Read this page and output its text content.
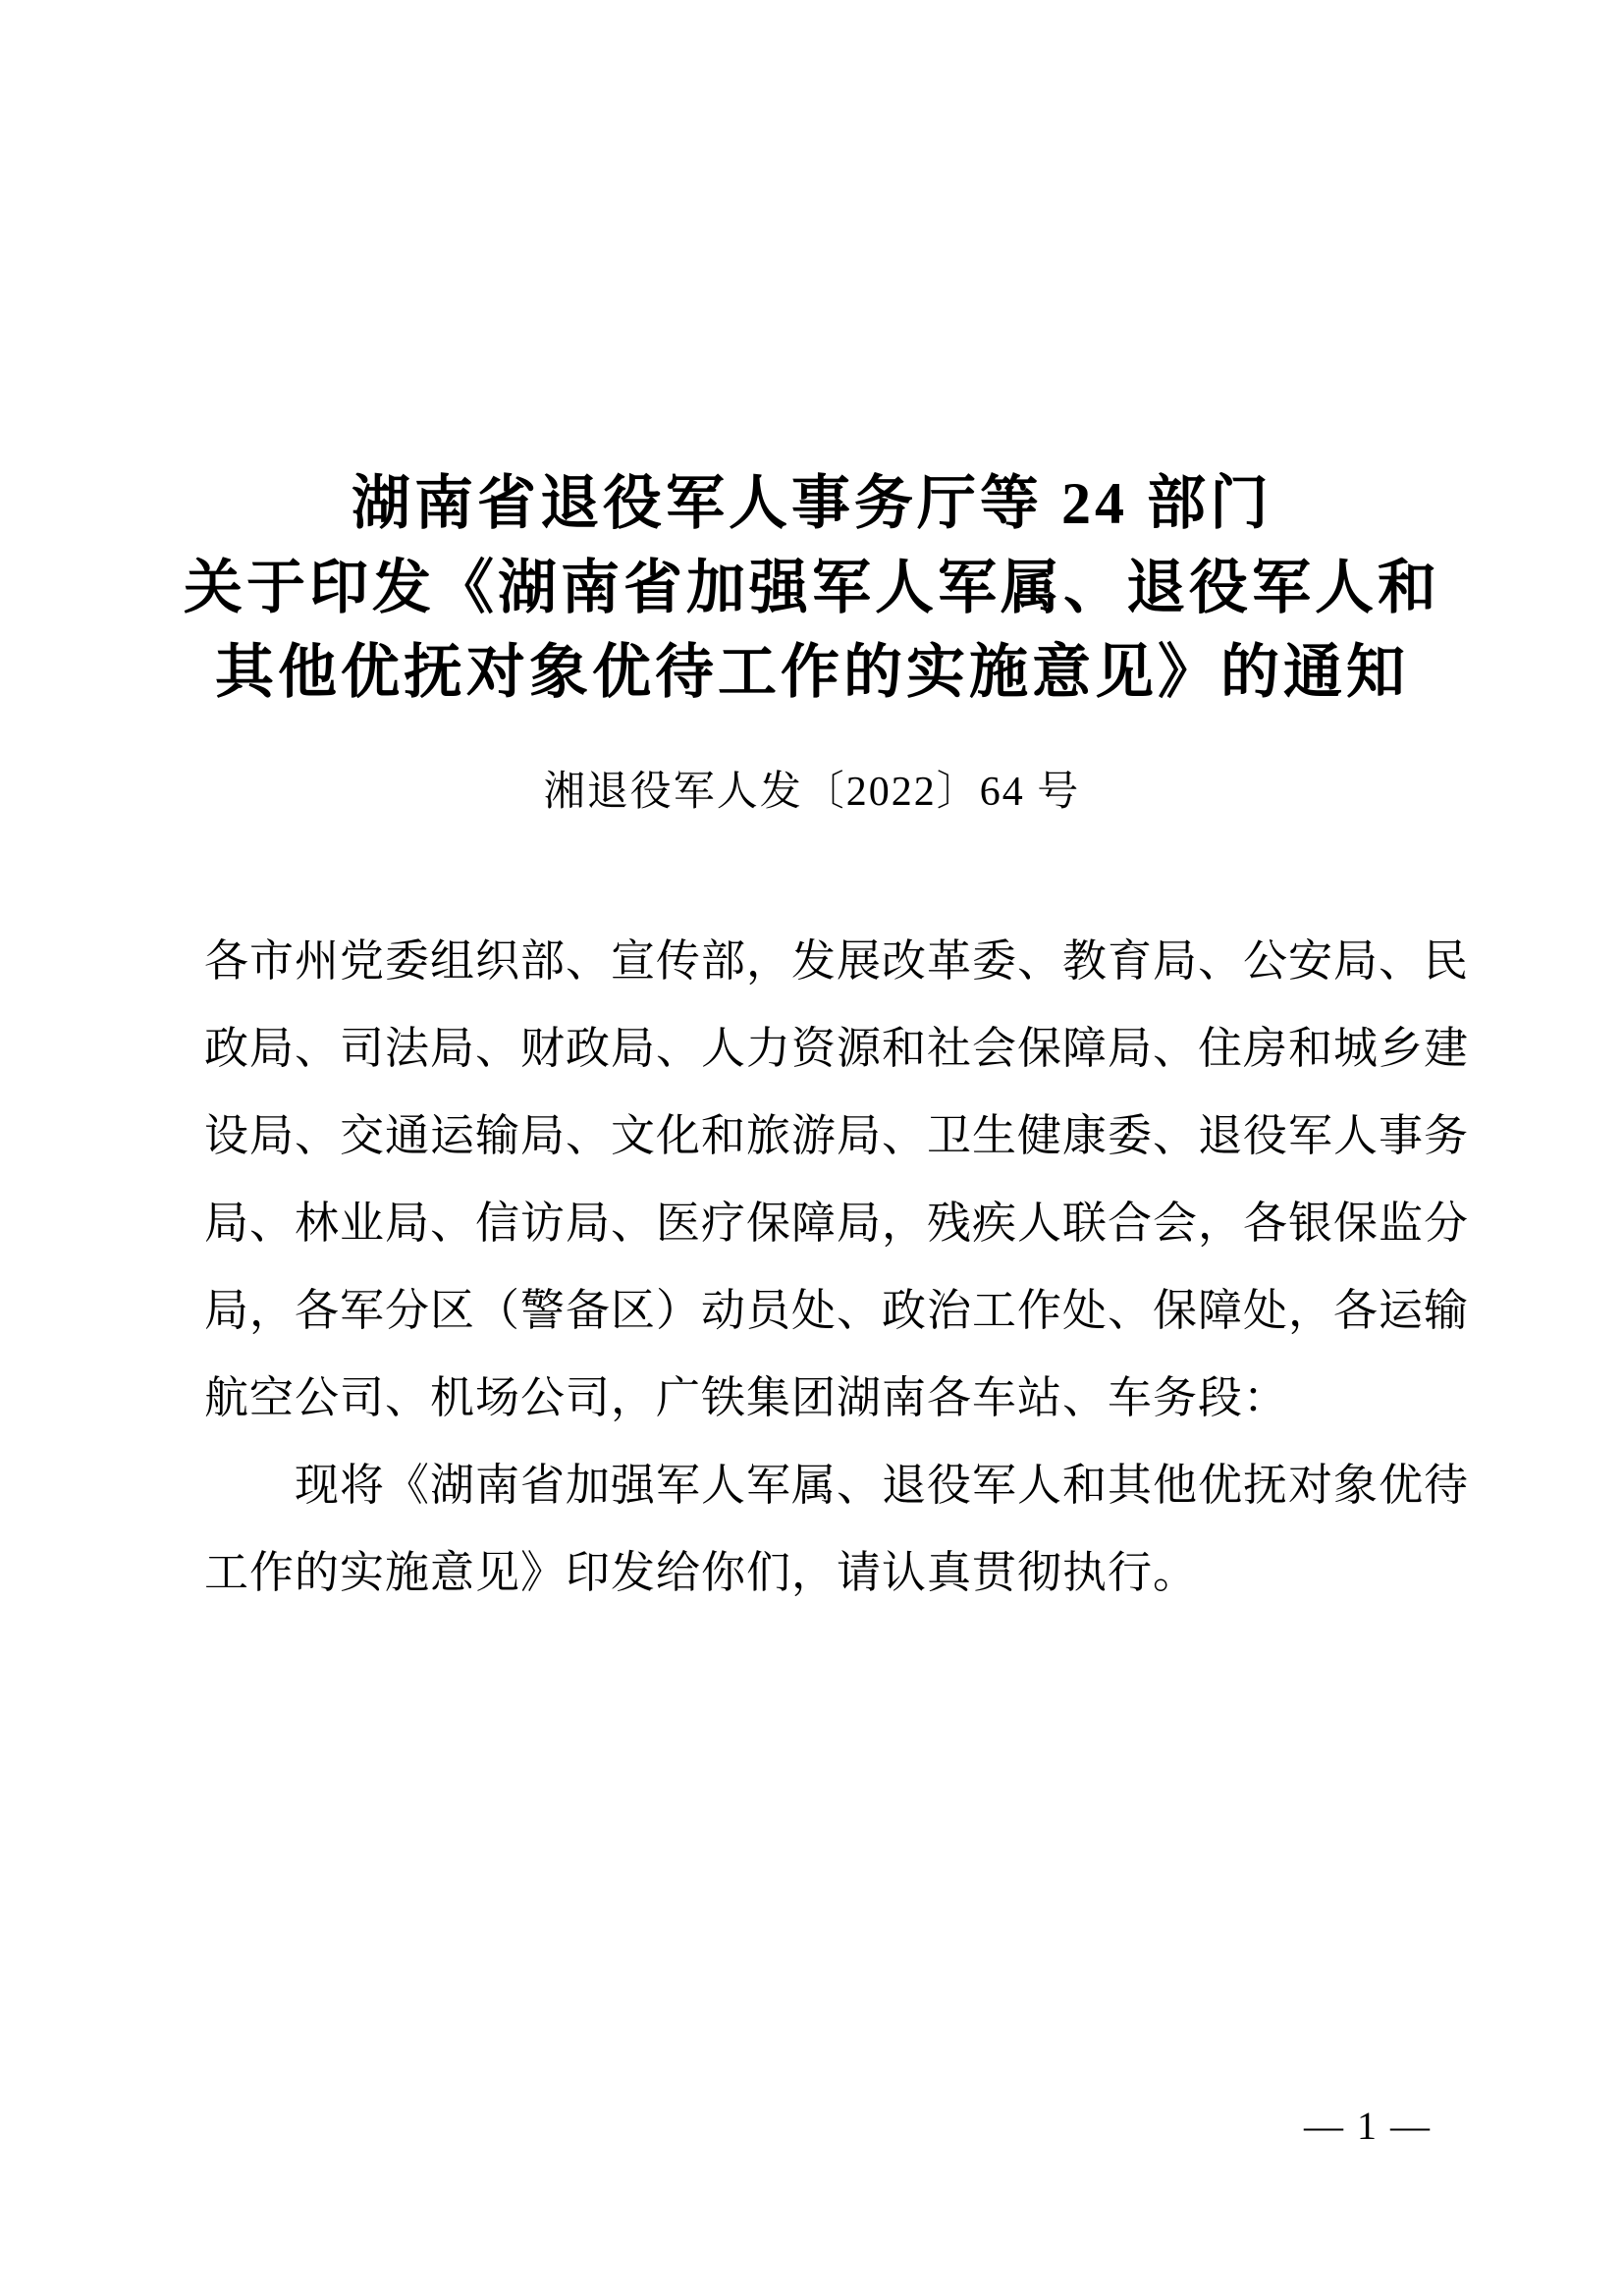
湖南省退役军人事务厅等 24 部门
关于印发《湖南省加强军人军属、退役军人和
其他优抚对象优待工作的实施意见》的通知
湘退役军人发〔2022〕64 号
各市州党委组织部、宣传部，发展改革委、教育局、公安局、民
政局、司法局、财政局、人力资源和社会保障局、住房和城乡建
设局、交通运输局、文化和旅游局、卫生健康委、退役军人事务
局、林业局、信访局、医疗保障局，残疾人联合会，各银保监分
局，各军分区（警备区）动员处、政治工作处、保障处，各运输
航空公司、机场公司，广铁集团湖南各车站、车务段：
现将《湖南省加强军人军属、退役军人和其他优抚对象优待
工作的实施意见》印发给你们，请认真贯彻执行。
— 1 —
